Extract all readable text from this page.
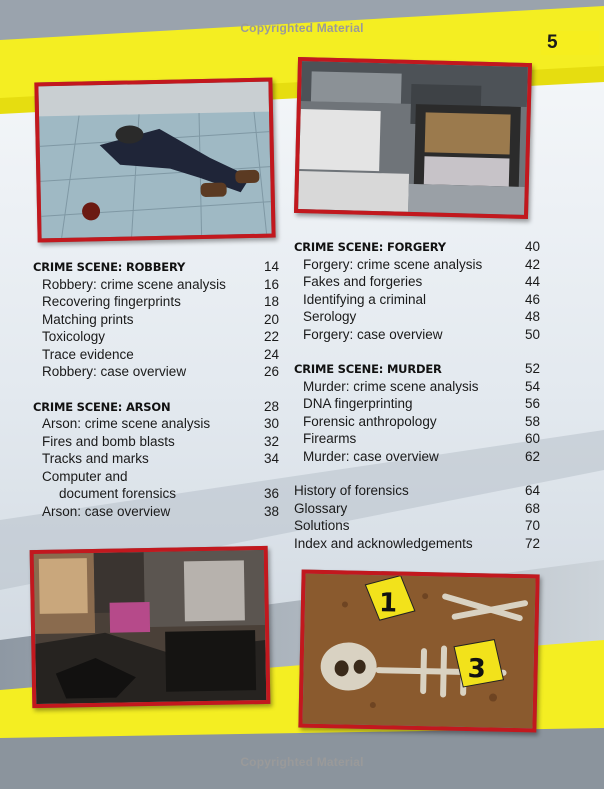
Copyrighted Material
Copyrighted Material
5
1
3
CRIME SCENE: ROBBERY	14
Robbery: crime scene analysis	16
Recovering fingerprints	18
Matching prints	20
Toxicology	22
Trace evidence	24
Robbery: case overview	26
CRIME SCENE: ARSON	28
Arson: crime scene analysis	30
Fires and bomb blasts	32
Tracks and marks	34
Computer and
document forensics	36
Arson: case overview	38
CRIME SCENE: FORGERY	40
Forgery: crime scene analysis	42
Fakes and forgeries	44
Identifying a criminal	46
Serology	48
Forgery: case overview	50
CRIME SCENE: MURDER	52
Murder: crime scene analysis	54
DNA fingerprinting	56
Forensic anthropology	58
Firearms	60
Murder: case overview	62
History of forensics	64
Glossary	68
Solutions	70
Index and acknowledgements	72
